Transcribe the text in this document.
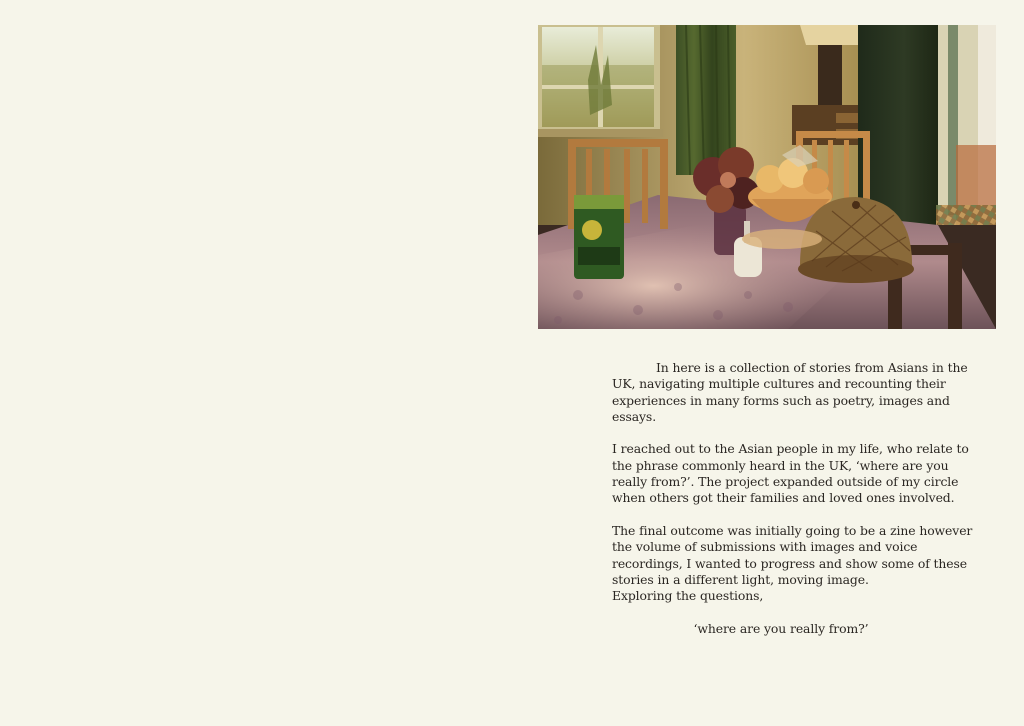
In here is a collection of stories from Asians in the UK, navigating multiple cultures and recounting their experiences in many forms such as poetry, images and essays.

I reached out to the Asian people in my life, who relate to the phrase commonly heard in the UK, ‘where are you really from?’. The project expanded outside of my circle when others got their families and loved ones involved.

The final outcome was initially going to be a zine however the volume of submissions with images and voice recordings, I wanted to progress and show some of these stories in a different light, moving image.

Exploring the questions,

‘where are you really from?’
